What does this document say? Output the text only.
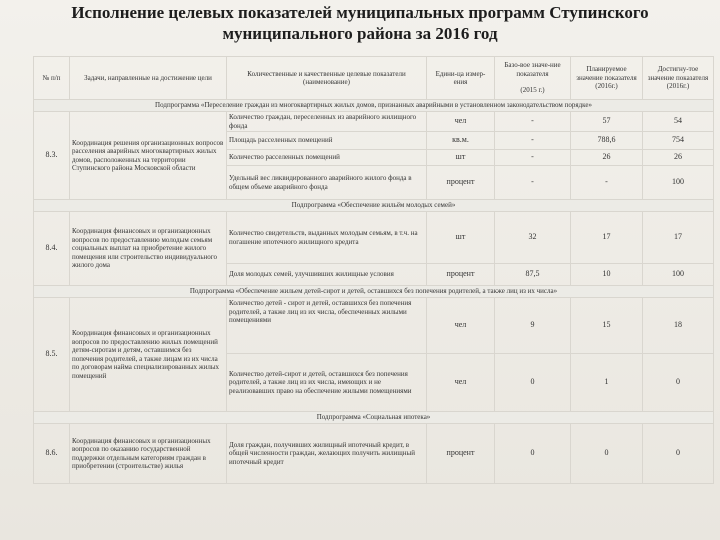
Исполнение целевых показателей муниципальных программ Ступинского
муниципального района за 2016 год
№ п/п	Задачи, направленные на достижение цели	Количественные и качественные целевые показатели (наименование)	Едини-ца измер-ения	Базо-вое значе-ние показателя
(2015 г.)	Планируемое значение показателя (2016г.)	Достигну-тое значение показателя (2016г.)
Подпрограмма «Переселение граждан из многоквартирных жилых домов, признанных аварийными в установленном законодательством порядке»						
8.3.	Координация решения организационных вопросов расселения аварийных многоквартирных жилых домов, расположенных на территории Ступинского района Московской области	Количество граждан, переселенных из аварийного жилищного фонда	чел	-	57	54
		Площадь расселенных помещений	кв.м.	-	788,6	754
		Количество расселенных помещений	шт	-	26	26
		Удельный вес ликвидированного аварийного жилого фонда в общем объеме аварийного фонда	процент	-	-	100
Подпрограмма «Обеспечение жильём молодых семей»						
8.4.	Координация финансовых и организационных вопросов по предоставлению молодым семьям социальных выплат на приобретение жилого помещения или строительство индивидуального жилого дома	Количество свидетельств, выданных молодым семьям, в т.ч. на погашение ипотечного жилищного кредита	шт	32	17	17
		Доля молодых семей, улучшивших жилищные условия	процент	87,5	10	100
Подпрограмма «Обеспечение жильем детей-сирот и детей, оставшихся без попечения родителей, а также лиц из их числа»						
8.5.	Координация финансовых и организационных вопросов по предоставлению жилых помещений детям-сиротам и детям, оставшимся без попечения родителей, а также лицам из их числа по договорам найма специализированных жилых помещений	Количество детей - сирот и детей, оставшихся без попечения родителей, а также лиц из их числа, обеспеченных жилыми помещениями	чел	9	15	18
		Количество детей-сирот и детей, оставшихся без попечения родителей, а также лиц из их числа, имеющих и не реализовавших право на обеспечение жилыми помещениями	чел	0	1	0
Подпрограмма «Социальная ипотека»						
8.6.	Координация финансовых и организационных вопросов по оказанию государственной поддержки отдельным категориям граждан в приобретении (строительстве) жилья	Доля граждан, получивших жилищный ипотечный кредит, в общей численности граждан, желающих получить жилищный ипотечный кредит	процент	0	0	0
